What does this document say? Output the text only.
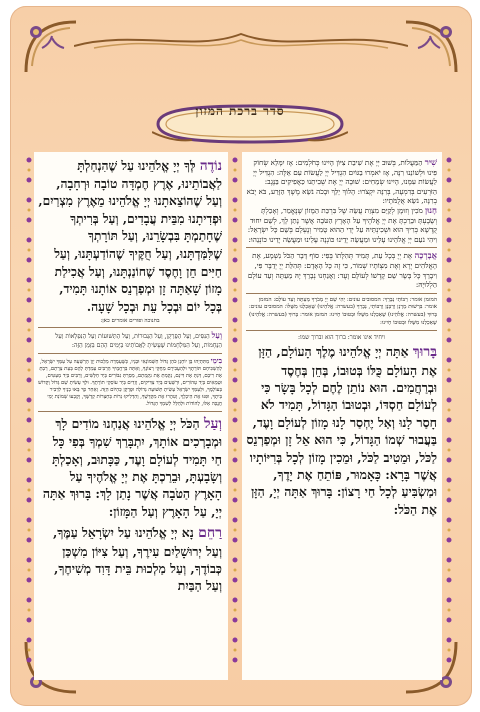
סדר ברכת המזון

נוֹדֶה לְּךָ יְיָ אֱלֹהֵינוּ עַל שֶׁהִנְחַלְתָּ לַאֲבוֹתֵינוּ, אֶרֶץ חֶמְדָּה טוֹבָה וּרְחָבָה, וְעַל שֶׁהוֹצֵאתָנוּ יְיָ אֱלֹהֵינוּ מֵאֶרֶץ מִצְרַיִם, וּפְדִיתָנוּ מִבֵּית עֲבָדִים, וְעַל בְּרִיתְךָ שֶׁחָתַמְתָּ בִּבְשָׂרֵנוּ, וְעַל תּוֹרָתְךָ שֶׁלִּמַּדְתָּנוּ, וְעַל חֻקֶּיךָ שֶׁהוֹדַעְתָּנוּ, וְעַל חַיִּים חֵן וָחֶסֶד שֶׁחוֹנַנְתָּנוּ, וְעַל אֲכִילַת מָזוֹן שָׁאַתָּה זָן וּמְפַרְנֵס אוֹתָנוּ תָּמִיד, בְּכָל יוֹם וּבְכָל עֵת וּבְכָל שָׁעָה.

בחנוכה ופורים אומרים כאן:

וְעַל הַנִּסִּים, וְעַל הַפֻּרְקָן, וְעַל הַגְּבוּרוֹת, וְעַל הַתְּשׁוּעוֹת וְעַל הַנִּפְלָאוֹת וְעַל הַנֶּחָמוֹת, וְעַל הַמִּלְחָמוֹת שֶׁעָשִׂיתָ לַאֲבוֹתֵינוּ בַּיָּמִים הָהֵם בַּזְּמַן הַזֶּה:

בִּימֵי מַתִּתְיָהוּ בֶּן יוֹחָנָן כֹּהֵן גָּדוֹל חַשְׁמוֹנָאִי וּבָנָיו, כְּשֶׁעָמְדָה מַלְכוּת יָוָן הָרְשָׁעָה עַל עַמְּךָ יִשְׂרָאֵל, לְהַשְׁכִּיחָם תּוֹרָתֶךָ וּלְהַעֲבִירָם מֵחֻקֵּי רְצוֹנֶךָ, וְאַתָּה בְּרַחֲמֶיךָ הָרַבִּים עָמַדְתָּ לָהֶם בְּעֵת צָרָתָם, רַבְתָּ אֶת רִיבָם, דַּנְתָּ אֶת דִּינָם, נָקַמְתָּ אֶת נִקְמָתָם, מָסַרְתָּ גִבּוֹרִים בְּיַד חַלָּשִׁים, וְרַבִּים בְּיַד מְעַטִּים, וּטְמֵאִים בְּיַד טְהוֹרִים, וּרְשָׁעִים בְּיַד צַדִּיקִים, וְזֵדִים בְּיַד עוֹסְקֵי תוֹרָתֶךָ. וּלְךָ עָשִׂיתָ שֵׁם גָּדוֹל וְקָדוֹשׁ בְּעוֹלָמֶךָ, וּלְעַמְּךָ יִשְׂרָאֵל עָשִׂיתָ תְּשׁוּעָה גְדוֹלָה וּפֻרְקָן כְּהַיּוֹם הַזֶּה. וְאַחַר כָּךְ בָּאוּ בָנֶיךָ לִדְבִיר בֵּיתֶךָ, וּפִנּוּ אֶת הֵיכָלֶךָ, וְטִהֲרוּ אֶת מִקְדָּשֶׁךָ, וְהִדְלִיקוּ נֵרוֹת בְּחַצְרוֹת קָדְשֶׁךָ, וְקָבְעוּ שְׁמוֹנַת יְמֵי חֲנֻכָּה אֵלּוּ, לְהוֹדוֹת וּלְהַלֵּל לְשִׁמְךָ הַגָּדוֹל.

וְעַל הַכֹּל יְיָ אֱלֹהֵינוּ אֲנַחְנוּ מוֹדִים לָךְ וּמְבָרְכִים אוֹתָךְ, יִתְבָּרַךְ שִׁמְךָ בְּפִי כָּל חַי תָּמִיד לְעוֹלָם וָעֶד, כַּכָּתוּב, וְאָכַלְתָּ וְשָׂבָעְתָּ, וּבֵרַכְתָּ אֶת יְיָ אֱלֹהֶיךָ עַל הָאָרֶץ הַטֹּבָה אֲשֶׁר נָתַן לָךְ: בָּרוּךְ אַתָּה יְיָ, עַל הָאָרֶץ וְעַל הַמָּזוֹן:

רַחֵם נָא יְיָ אֱלֹהֵינוּ עַל יִשְׂרָאֵל עַמֶּךָ, וְעַל יְרוּשָׁלַיִם עִירֶךָ, וְעַל צִיּוֹן מִשְׁכַּן כְּבוֹדֶךָ, וְעַל מַלְכוּת בֵּית דָּוִד מְשִׁיחֶךָ, וְעַל הַבַּיִת

שִׁיר הַמַּעֲלוֹת, בְּשׁוּב יְיָ אֶת שִׁיבַת צִיּוֹן הָיִינוּ כְּחֹלְמִים: אָז יִמָּלֵא שְׂחוֹק פִּינוּ וּלְשׁוֹנֵנוּ רִנָּה, אָז יֹאמְרוּ בַגּוֹיִם הִגְדִּיל יְיָ לַעֲשׂוֹת עִם אֵלֶּה: הִגְדִּיל יְיָ לַעֲשׂוֹת עִמָּנוּ, הָיִינוּ שְׂמֵחִים: שׁוּבָה יְיָ אֶת שְׁבִיתֵנוּ כַּאֲפִיקִים בַּנֶּגֶב: הַזֹּרְעִים בְּדִמְעָה, בְּרִנָּה יִקְצֹרוּ: הָלוֹךְ יֵלֵךְ וּבָכֹה נֹשֵׂא מֶשֶׁךְ הַזָּרַע, בֹּא יָבֹא בְרִנָּה, נֹשֵׂא אֲלֻמֹּתָיו:

חָנוּן מֹכִין וְזוּמָן לְקַיֵּם מִצְוַת עֲשֵׂה שֶׁל בִּרְכַּת הַמָּזוֹן שֶׁנֶּאֱמַר, וְאָכַלְתָּ וְשָׂבָעְתָּ וּבֵרַכְתָּ אֶת יְיָ אֱלֹהֶיךָ עַל הָאָרֶץ הַטֹּבָה אֲשֶׁר נָתַן לָךְ, לְשֵׁם יִחוּד קֻדְשָׁא בְּרִיךְ הוּא וּשְׁכִינְתֵּיהּ עַל יְדֵי הַהוּא טָמִיר וְנֶעְלָם בְּשֵׁם כָּל יִשְׂרָאֵל: וִיהִי נֹעַם יְיָ אֱלֹהֵינוּ עָלֵינוּ וּמַעֲשֵׂה יָדֵינוּ כּוֹנְנָה עָלֵינוּ וּמַעֲשֵׂה יָדֵינוּ כּוֹנְנֵהוּ:

אֲבָרְכָה אֶת יְיָ בְּכָל עֵת, תָּמִיד תְּהִלָּתוֹ בְּפִי: סוֹף דָּבָר הַכֹּל נִשְׁמָע, אֶת הָאֱלֹהִים יְרָא וְאֶת מִצְוֹתָיו שְׁמוֹר, כִּי זֶה כָּל הָאָדָם: תְּהִלַּת יְיָ יְדַבֶּר פִּי, וִיבָרֵךְ כָּל בָּשָׂר שֵׁם קָדְשׁוֹ לְעוֹלָם וָעֶד: וַאֲנַחְנוּ נְבָרֵךְ יָהּ מֵעַתָּה וְעַד עוֹלָם הַלְלוּיָהּ:

המזמן אומר: רַבּוֹתַי נְבָרֵךְ: המסובים עונים: יְהִי שֵׁם יְיָ מְבֹרָךְ מֵעַתָּה וְעַד עוֹלָם: המזמן אומר: בִּרְשׁוּת מָרָנָן וְרַבָּנָן וְרַבּוֹתַי, נְבָרֵךְ (בעשרה: אֱלֹהֵינוּ) שֶׁאָכַלְנוּ מִשֶּׁלּוֹ: המסובים עונים: בָּרוּךְ (בעשרה: אֱלֹהֵינוּ) שֶׁאָכַלְנוּ מִשֶּׁלּוֹ וּבְטוּבוֹ חָיִינוּ: המזמן אומר: בָּרוּךְ (בעשרה: אֱלֹהֵינוּ) שֶׁאָכַלְנוּ מִשֶּׁלּוֹ וּבְטוּבוֹ חָיִינוּ:

ויחיד אינו אומר: ברוך הוא וברוך שמו:

בָּרוּךְ אַתָּה יְיָ אֱלֹהֵינוּ מֶלֶךְ הָעוֹלָם, הַזָּן אֶת הָעוֹלָם כֻּלּוֹ בְּטוּבוֹ, בְּחֵן בְּחֶסֶד וּבְרַחֲמִים. הוּא נוֹתֵן לֶחֶם לְכָל בָּשָׂר כִּי לְעוֹלָם חַסְדּוֹ, וּבְטוּבוֹ הַגָּדוֹל, תָּמִיד לֹא חָסַר לָנוּ וְאַל יֶחְסַר לָנוּ מָזוֹן לְעוֹלָם וָעֶד, בַּעֲבוּר שְׁמוֹ הַגָּדוֹל, כִּי הוּא אֵל זָן וּמְפַרְנֵס לַכֹּל, וּמֵטִיב לַכֹּל, וּמֵכִין מָזוֹן לְכָל בְּרִיּוֹתָיו אֲשֶׁר בָּרָא: כָּאָמוּר, פּוֹתֵחַ אֶת יָדֶךָ, וּמַשְׂבִּיעַ לְכָל חַי רָצוֹן: בָּרוּךְ אַתָּה יְיָ, הַזָּן אֶת הַכֹּל:
